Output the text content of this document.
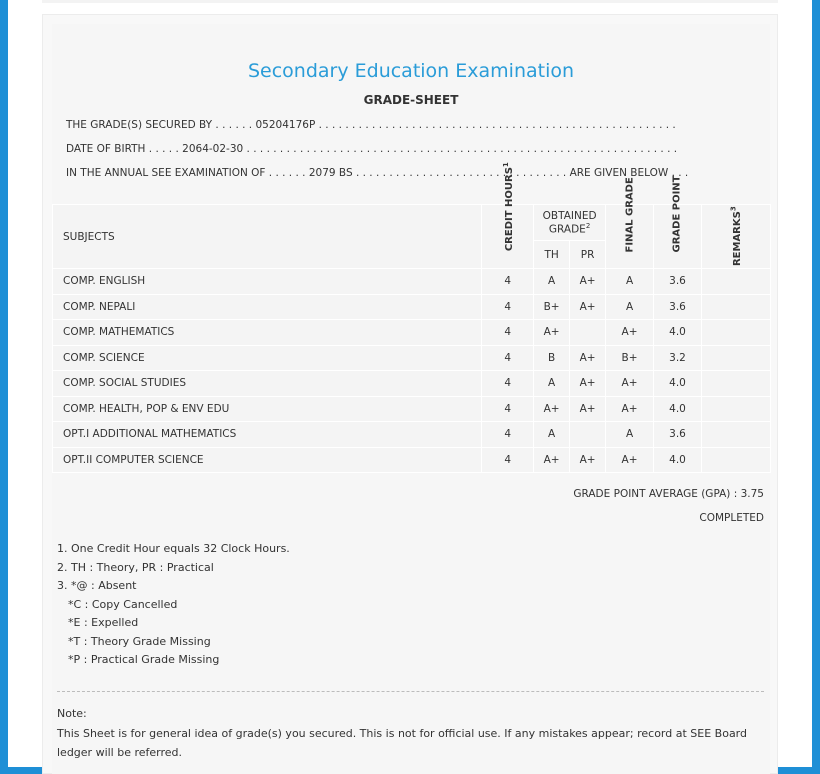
Secondary Education Examination
GRADE-SHEET
THE GRADE(S) SECURED BY . . . . . . 05204176P . . . . . . . . . . . . . . . . . . . . . . . . . . . . . . . . . . . . . . . . . . . . . . . . . . . . . .
DATE OF BIRTH . . . . . 2064-02-30 . . . . . . . . . . . . . . . . . . . . . . . . . . . . . . . . . . . . . . . . . . . . . . . . . . . . . . . . . . . . . . . . .
IN THE ANNUAL SEE EXAMINATION OF . . . . . . 2079 BS . . . . . . . . . . . . . . . . . . . . . . . . . . . . . . . . ARE GIVEN BELOW . . .
SUBJECTS	CREDIT HOURS$^1$	OBTAINED GRADE$^2$		FINAL GRADE	GRADE POINT	REMARKS$^3$
		TH	PR			
COMP. ENGLISH	4	A	A+	A	3.6	
COMP. NEPALI	4	B+	A+	A	3.6	
COMP. MATHEMATICS	4	A+		A+	4.0	
COMP. SCIENCE	4	B	A+	B+	3.2	
COMP. SOCIAL STUDIES	4	A	A+	A+	4.0	
COMP. HEALTH, POP & ENV EDU	4	A+	A+	A+	4.0	
OPT.I ADDITIONAL MATHEMATICS	4	A		A	3.6	
OPT.II COMPUTER SCIENCE	4	A+	A+	A+	4.0	
GRADE POINT AVERAGE (GPA) : 3.75
COMPLETED
1. One Credit Hour equals 32 Clock Hours.
2. TH : Theory, PR : Practical
3. *@ : Absent
*C : Copy Cancelled
*E : Expelled
*T : Theory Grade Missing
*P : Practical Grade Missing
Note:
This Sheet is for general idea of grade(s) you secured. This is not for official use. If any mistakes appear; record at SEE Board ledger will be referred.
